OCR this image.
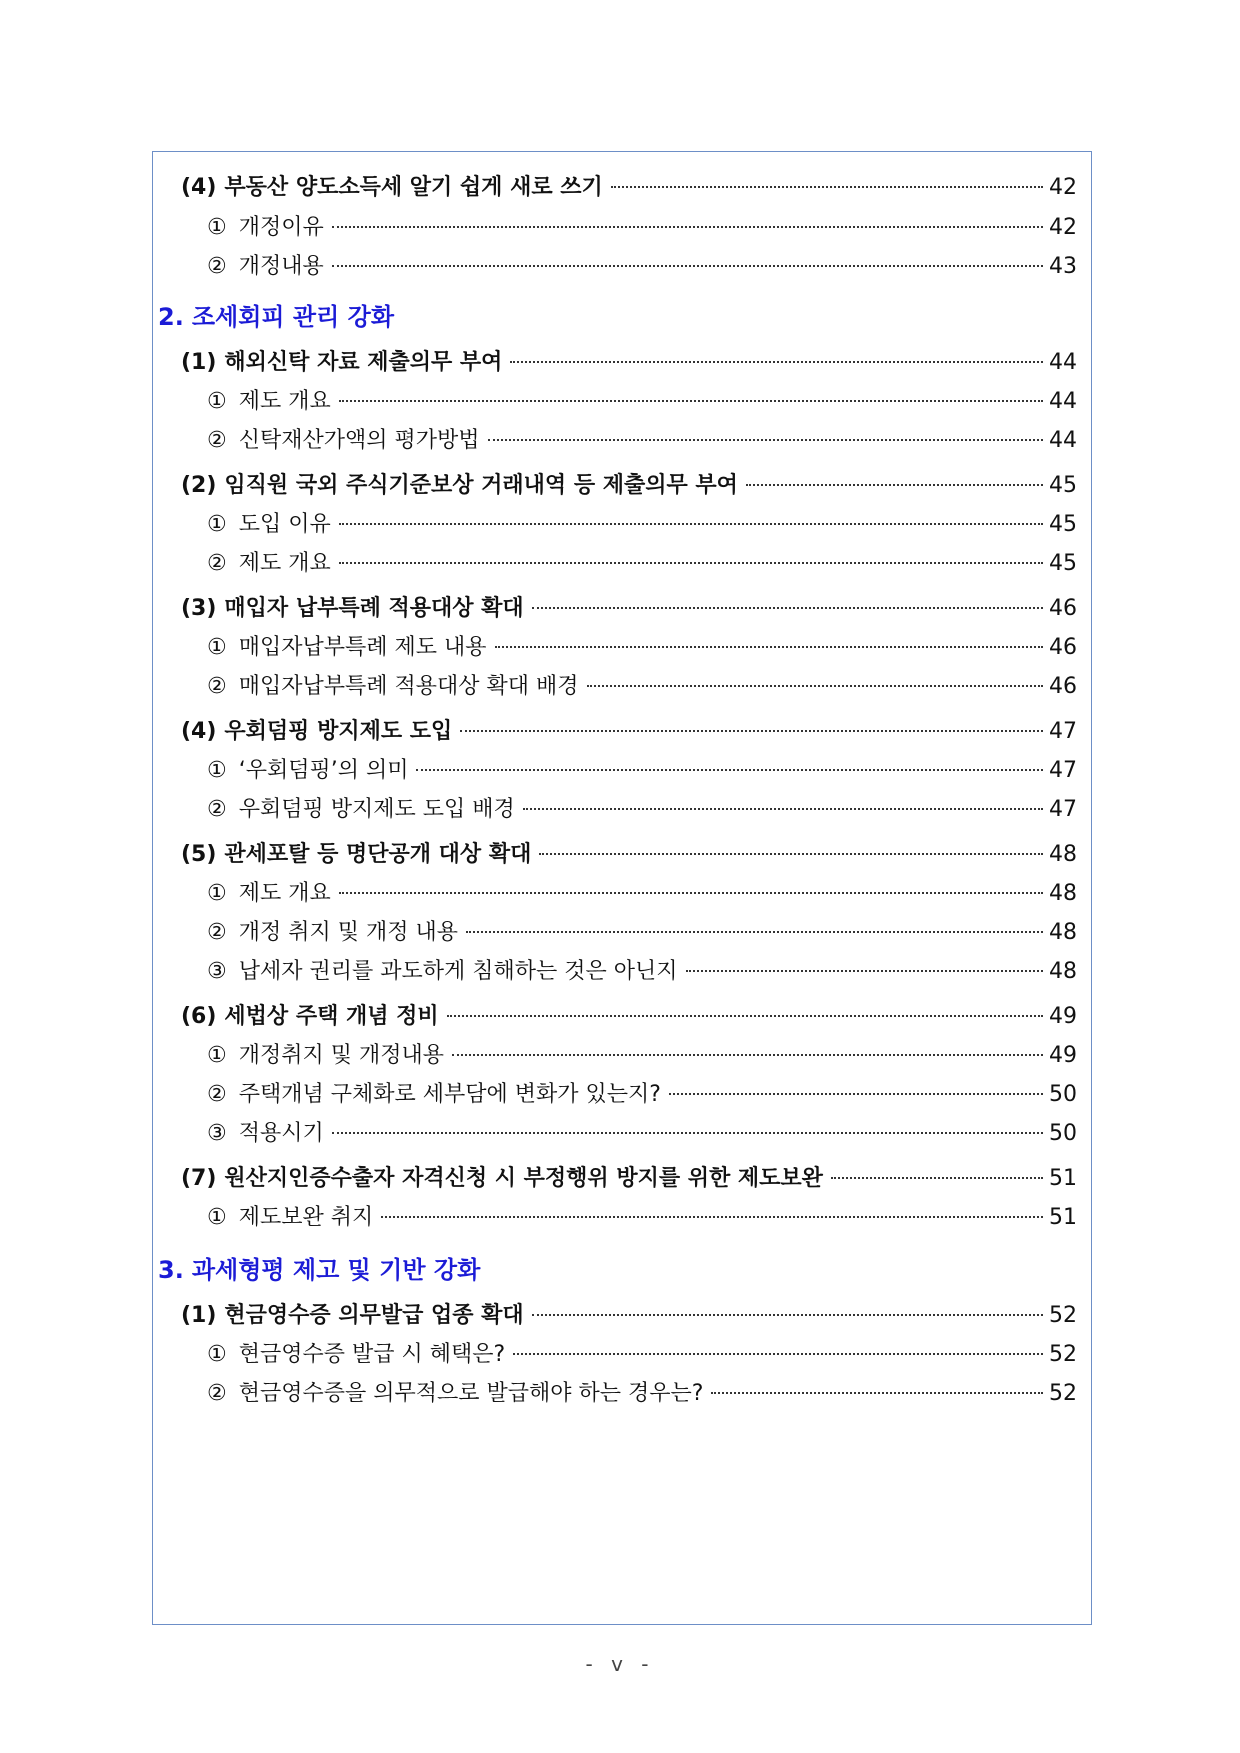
(4) 부동산 양도소득세 알기 쉽게 새로 쓰기	42
① 개정이유	42
② 개정내용	43
2. 조세회피 관리 강화
(1) 해외신탁 자료 제출의무 부여	44
① 제도 개요	44
② 신탁재산가액의 평가방법	44
(2) 임직원 국외 주식기준보상 거래내역 등 제출의무 부여	45
① 도입 이유	45
② 제도 개요	45
(3) 매입자 납부특례 적용대상 확대	46
① 매입자납부특례 제도 내용	46
② 매입자납부특례 적용대상 확대 배경	46
(4) 우회덤핑 방지제도 도입	47
① ‘우회덤핑’의 의미	47
② 우회덤핑 방지제도 도입 배경	47
(5) 관세포탈 등 명단공개 대상 확대	48
① 제도 개요	48
② 개정 취지 및 개정 내용	48
③ 납세자 권리를 과도하게 침해하는 것은 아닌지	48
(6) 세법상 주택 개념 정비	49
① 개정취지 및 개정내용	49
② 주택개념 구체화로 세부담에 변화가 있는지?	50
③ 적용시기	50
(7) 원산지인증수출자 자격신청 시 부정행위 방지를 위한 제도보완	51
① 제도보완 취지	51
3. 과세형평 제고 및 기반 강화
(1) 현금영수증 의무발급 업종 확대	52
① 현금영수증 발급 시 혜택은?	52
② 현금영수증을 의무적으로 발급해야 하는 경우는?	52
- v -
